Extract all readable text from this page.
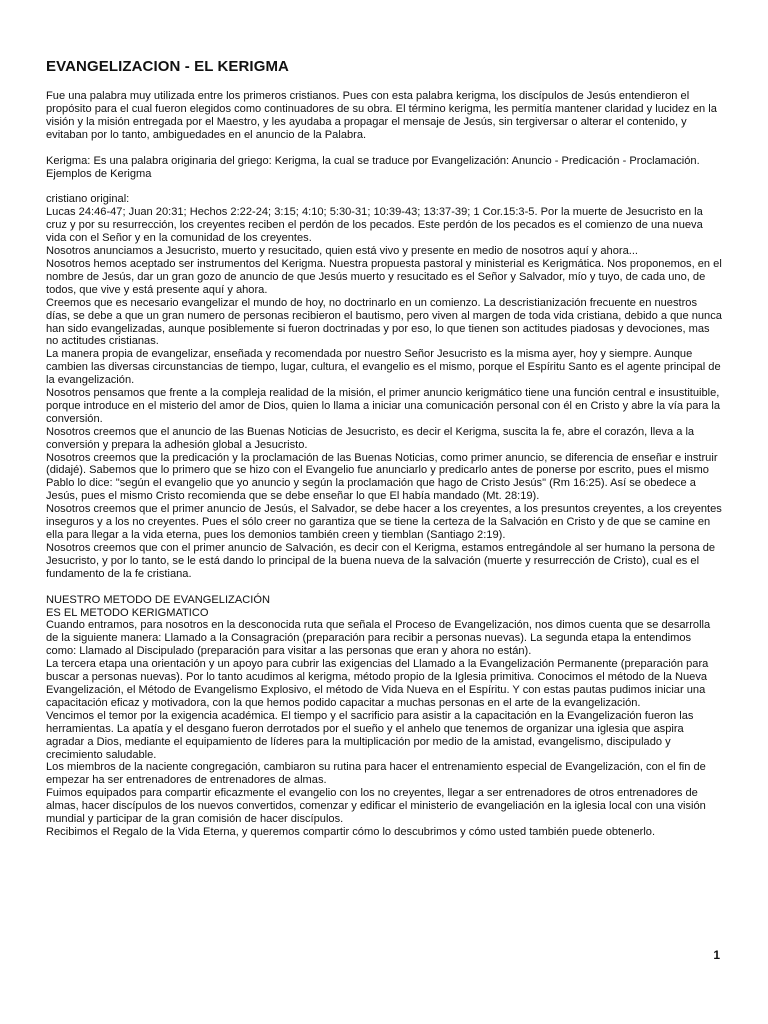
EVANGELIZACION - EL KERIGMA

Fue una palabra muy utilizada entre los primeros cristianos. Pues con esta palabra kerigma, los discípulos de Jesús entendieron el propósito para el cual fueron elegidos como continuadores de su obra. El término kerigma, les permitía mantener claridad y lucidez en la visión y la misión entregada por el Maestro, y les ayudaba a propagar el mensaje de Jesús, sin tergiversar o alterar el contenido, y evitaban por lo tanto, ambiguedades en el anuncio de la Palabra.

Kerigma: Es una palabra originaria del griego: Kerigma, la cual se traduce por Evangelización: Anuncio - Predicación - Proclamación. Ejemplos de Kerigma

cristiano original:

Lucas 24:46-47; Juan 20:31; Hechos 2:22-24; 3:15; 4:10; 5:30-31; 10:39-43; 13:37-39; 1 Cor.15:3-5. Por la muerte de Jesucristo en la cruz y por su resurrección, los creyentes reciben el perdón de los pecados. Este perdón de los pecados es el comienzo de una nueva vida con el Señor y en la comunidad de los creyentes.

Nosotros anunciamos a Jesucristo, muerto y resucitado, quien está vivo y presente en medio de nosotros aquí y ahora...

Nosotros hemos aceptado ser instrumentos del Kerigma. Nuestra propuesta pastoral y ministerial es Kerigmática. Nos proponemos, en el nombre de Jesús, dar un gran gozo de anuncio de que Jesús muerto y resucitado es el Señor y Salvador, mío y tuyo, de cada uno, de todos, que vive y está presente aquí y ahora.

Creemos que es necesario evangelizar el mundo de hoy, no doctrinarlo en un comienzo. La descristianización frecuente en nuestros días, se debe a que un gran numero de personas recibieron el bautismo, pero viven al margen de toda vida cristiana, debido a que nunca han sido evangelizadas, aunque posiblemente si fueron doctrinadas y por eso, lo que tienen son actitudes piadosas y devociones, mas no actitudes cristianas.

La manera propia de evangelizar, enseñada y recomendada por nuestro Señor Jesucristo es la misma ayer, hoy y siempre. Aunque cambien las diversas circunstancias de tiempo, lugar, cultura, el evangelio es el mismo, porque el Espíritu Santo es el agente principal de la evangelización.

Nosotros pensamos que frente a la compleja realidad de la misión, el primer anuncio kerigmático tiene una función central e insustituible, porque introduce en el misterio del amor de Dios, quien lo llama a iniciar una comunicación personal con él en Cristo y abre la vía para la conversión.

Nosotros creemos que el anuncio de las Buenas Noticias de Jesucristo, es decir el Kerigma, suscita la fe, abre el corazón, lleva a la conversión y prepara la adhesión global a Jesucristo.

Nosotros creemos que la predicación y la proclamación de las Buenas Noticias, como primer anuncio, se diferencia de enseñar e instruir (didajé). Sabemos que lo primero que se hizo con el Evangelio fue anunciarlo y predicarlo antes de ponerse por escrito, pues el mismo Pablo lo dice: "según el evangelio que yo anuncio y según la proclamación que hago de Cristo Jesús" (Rm 16:25). Así se obedece a Jesús, pues el mismo Cristo recomienda que se debe enseñar lo que El había mandado (Mt. 28:19).

Nosotros creemos que el primer anuncio de Jesús, el Salvador, se debe hacer a los creyentes, a los presuntos creyentes, a los creyentes inseguros y a los no creyentes. Pues el sólo creer no garantiza que se tiene la certeza de la Salvación en Cristo y de que se camine en ella para llegar a la vida eterna, pues los demonios también creen y tiemblan (Santiago 2:19).

Nosotros creemos que con el primer anuncio de Salvación, es decir con el Kerigma, estamos entregándole al ser humano la persona de Jesucristo, y por lo tanto, se le está dando lo principal de la buena nueva de la salvación (muerte y resurrección de Cristo), cual es el fundamento de la fe cristiana.

NUESTRO METODO DE EVANGELIZACIÓN

ES EL METODO KERIGMATICO

Cuando entramos, para nosotros en la desconocida ruta que señala el Proceso de Evangelización, nos dimos cuenta que se desarrolla de la siguiente manera: Llamado a la Consagración (preparación para recibir a personas nuevas). La segunda etapa la entendimos como: Llamado al Discipulado (preparación para visitar a las personas que eran y ahora no están).

La tercera etapa una orientación y un apoyo para cubrir las exigencias del Llamado a la Evangelización Permanente (preparación para buscar a personas nuevas). Por lo tanto acudimos al kerigma, método propio de la Iglesia primitiva. Conocimos el método de la Nueva Evangelización, el Método de Evangelismo Explosivo, el método de Vida Nueva en el Espíritu. Y con estas pautas pudimos iniciar una capacitación eficaz y motivadora, con la que hemos podido capacitar a muchas personas en el arte de la evangelización.

Vencimos el temor por la exigencia académica. El tiempo y el sacrificio para asistir a la capacitación en la Evangelización fueron las herramientas. La apatía y el desgano fueron derrotados por el sueño y el anhelo que tenemos de organizar una iglesia que aspira agradar a Dios, mediante el equipamiento de líderes para la multiplicación por medio de la amistad, evangelismo, discipulado y crecimiento saludable.

Los miembros de la naciente congregación, cambiaron su rutina para hacer el entrenamiento especial de Evangelización, con el fin de empezar ha ser entrenadores de entrenadores de almas.

Fuimos equipados para compartir eficazmente el evangelio con los no creyentes, llegar a ser entrenadores de otros entrenadores de almas, hacer discípulos de los nuevos convertidos, comenzar y edificar el ministerio de evangeliación en la iglesia local con una visión mundial y participar de la gran comisión de hacer discípulos.

Recibimos el Regalo de la Vida Eterna, y queremos compartir cómo lo descubrimos y cómo usted también puede obtenerlo.

1
